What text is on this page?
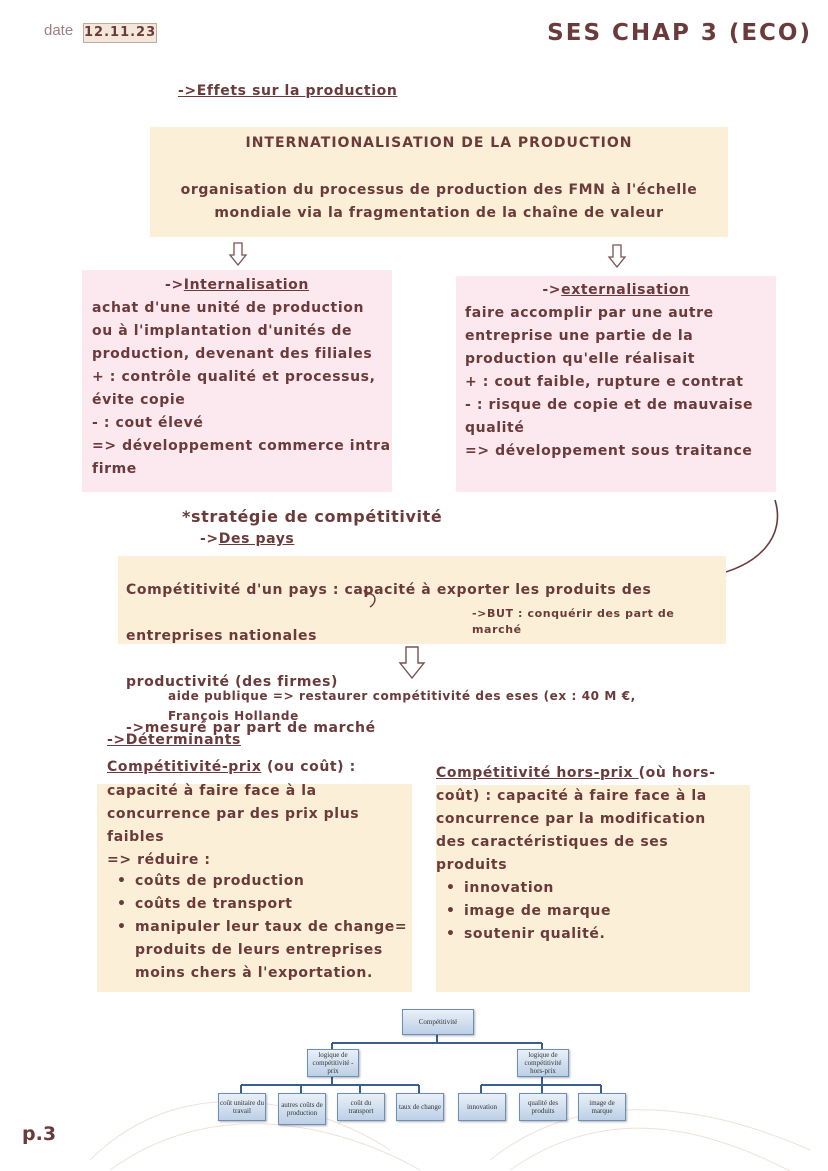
date 12.11.23	SES CHAP 3 (ECO)
->Effets sur la production
INTERNATIONALISATION DE LA PRODUCTION
organisation du processus de production des FMN à l'échelle
mondiale via la fragmentation de la chaîne de valeur
->Internalisation
achat d'une unité de production
ou à l'implantation d'unités de
production, devenant des filiales
+ : contrôle qualité et processus,
évite copie
- : cout élevé
=> développement commerce intra
firme
->externalisation
faire accomplir par une autre
entreprise une partie de la
production qu'elle réalisait
+ : cout faible, rupture e contrat
- : risque de copie et de mauvaise
qualité
=> développement sous traitance
*stratégie de compétitivité
->Des pays

Compétitivité d'un pays : capacité à exporter les produits des

entreprises nationales

productivité (des firmes)

->mesuré par part de marché

->BUT : conquérir des part de
marché
aide publique => restaurer compétitivité des eses (ex : 40 M €,
François Hollande
->Déterminants
Compétitivité-prix (ou coût) :
capacité à faire face à la
concurrence par des prix plus
faibles
=> réduire :
• coûts de production
• coûts de transport
• manipuler leur taux de change= produits de leurs entreprises moins chers à l'exportation.
Compétitivité hors-prix (où hors-
coût) : capacité à faire face à la
concurrence par la modification
des caractéristiques de ses
produits
• innovation
• image de marque
• soutenir qualité.
Compétitivité
logique de compétitivité -prix
logique de compétitivité hors-prix
coût unitaire du travail
autres coûts de production
coût du transport	taux de change	innovation	qualité des produits
image de marque
p.3
